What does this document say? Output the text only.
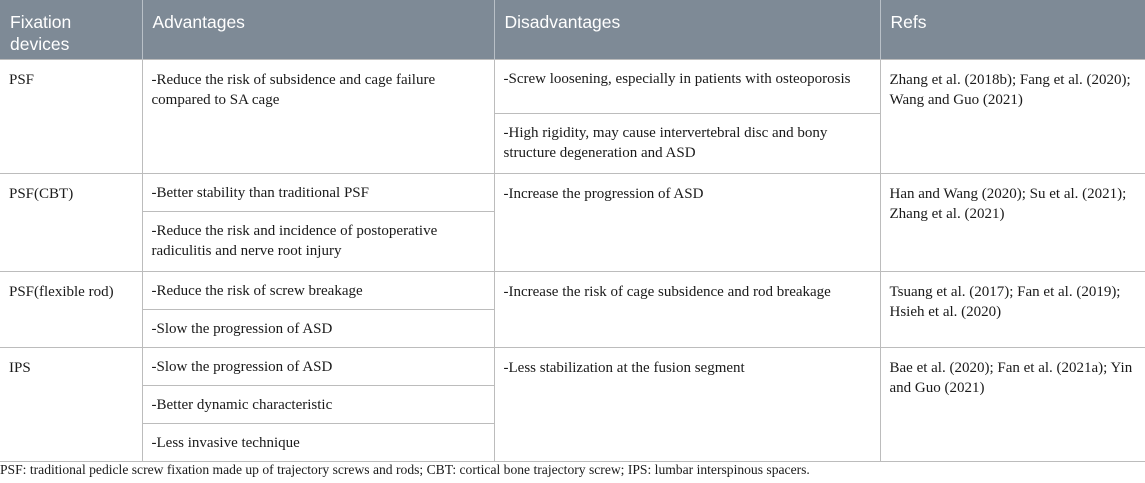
Fixation devices	Advantages	Disadvantages	Refs
PSF	-Reduce the risk of subsidence and cage failure compared to SA cage	-Screw loosening, especially in patients with osteoporosis	Zhang et al. (2018b); Fang et al. (2020); Wang and Guo (2021)
		-High rigidity, may cause intervertebral disc and bony structure degeneration and ASD	
PSF(CBT)	-Better stability than traditional PSF	-Increase the progression of ASD	Han and Wang (2020); Su et al. (2021); Zhang et al. (2021)
	-Reduce the risk and incidence of postoperative radiculitis and nerve root injury		
PSF(flexible rod)	-Reduce the risk of screw breakage	-Increase the risk of cage subsidence and rod breakage	Tsuang et al. (2017); Fan et al. (2019); Hsieh et al. (2020)
	-Slow the progression of ASD		
IPS	-Slow the progression of ASD	-Less stabilization at the fusion segment	Bae et al. (2020); Fan et al. (2021a); Yin and Guo (2021)
	-Better dynamic characteristic		
	-Less invasive technique		
PSF: traditional pedicle screw fixation made up of trajectory screws and rods; CBT: cortical bone trajectory screw; IPS: lumbar interspinous spacers.
